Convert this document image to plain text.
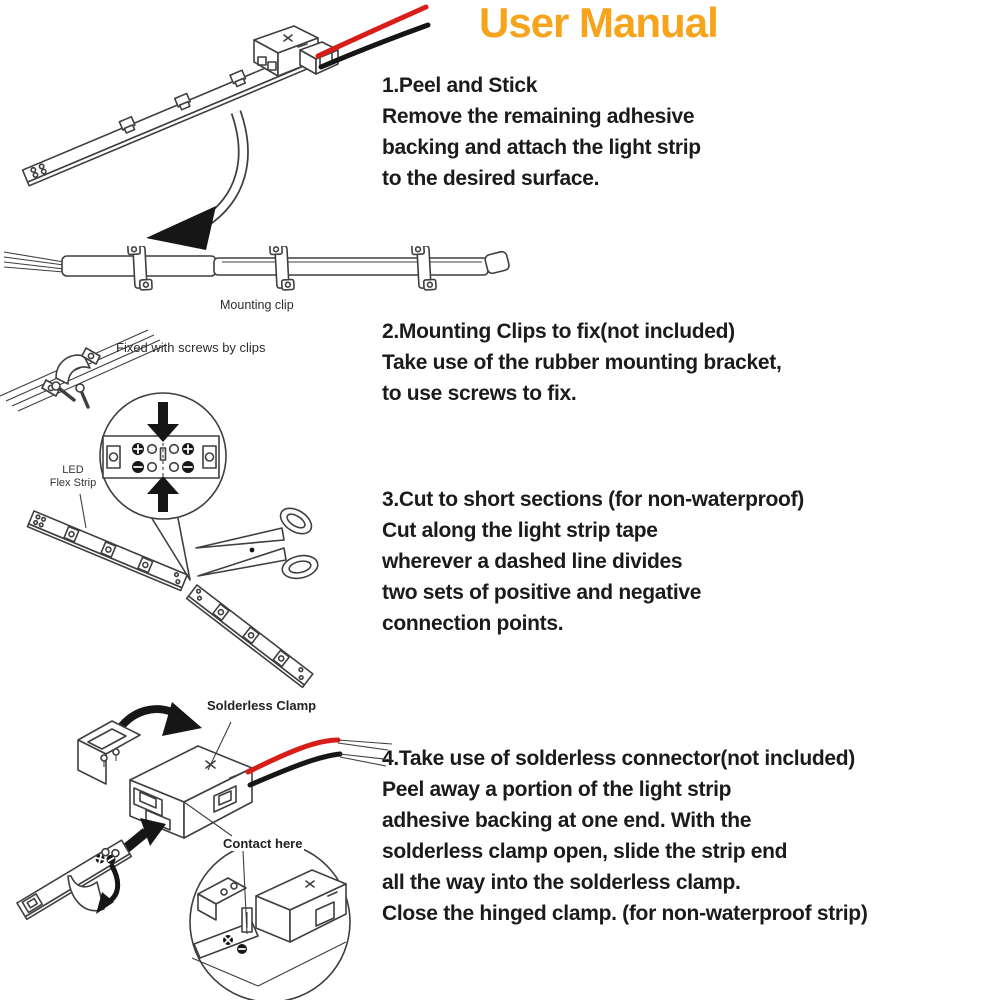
User Manual
1.Peel and Stick
Remove the remaining adhesive
backing and attach the light strip
to the desired surface.
2.Mounting Clips to fix(not included)
Take use of the rubber mounting bracket,
to use screws to fix.
3.Cut to short sections (for non-waterproof)
Cut along the light strip tape
wherever a dashed line divides
two sets of positive and negative
connection points.
4.Take use of solderless connector(not included)
Peel away a portion of the light strip
adhesive backing at one end. With the
solderless clamp open, slide the strip end
all the way into the solderless clamp.
Close the hinged clamp. (for non-waterproof strip)
Mounting clip
Fixed with screws by clips
LED
Flex Strip
Solderless Clamp
Contact here
